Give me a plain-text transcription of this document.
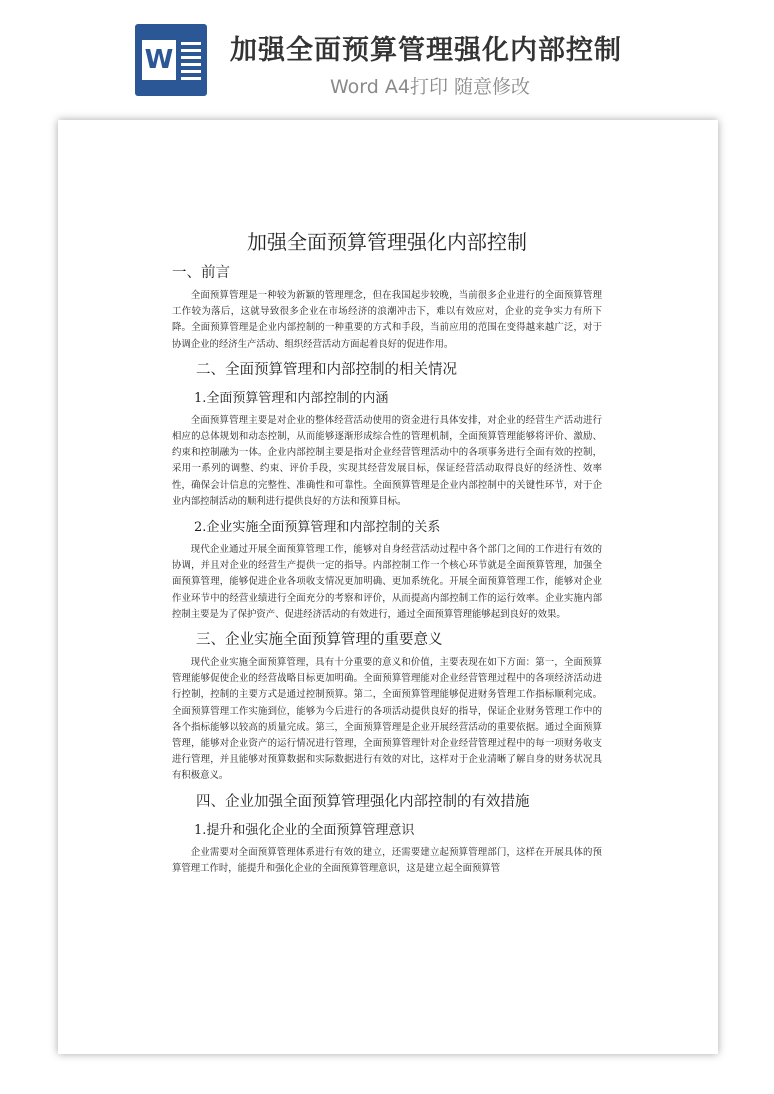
W 加强全面预算管理强化内部控制
Word A4打印 随意修改
加强全面预算管理强化内部控制
一、前言

全面预算管理是一种较为新颖的管理理念，但在我国起步较晚，当前很多企业进行的全面预算管理工作较为落后，这就导致很多企业在市场经济的浪潮冲击下，难以有效应对，企业的竞争实力有所下降。全面预算管理是企业内部控制的一种重要的方式和手段，当前应用的范围在变得越来越广泛，对于协调企业的经济生产活动、组织经营活动方面起着良好的促进作用。

二、全面预算管理和内部控制的相关情况
1.全面预算管理和内部控制的内涵

全面预算管理主要是对企业的整体经营活动使用的资金进行具体安排，对企业的经营生产活动进行相应的总体规划和动态控制，从而能够逐渐形成综合性的管理机制，全面预算管理能够将评价、激励、约束和控制融为一体。企业内部控制主要是指对企业经营管理活动中的各项事务进行全面有效的控制，采用一系列的调整、约束、评价手段，实现其经营发展目标，保证经营活动取得良好的经济性、效率性，确保会计信息的完整性、准确性和可靠性。全面预算管理是企业内部控制中的关键性环节，对于企业内部控制活动的顺利进行提供良好的方法和预算目标。

2.企业实施全面预算管理和内部控制的关系

现代企业通过开展全面预算管理工作，能够对自身经营活动过程中各个部门之间的工作进行有效的协调，并且对企业的经营生产提供一定的指导。内部控制工作一个核心环节就是全面预算管理，加强全面预算管理，能够促进企业各项收支情况更加明确、更加系统化。开展全面预算管理工作，能够对企业作业环节中的经营业绩进行全面充分的考察和评价，从而提高内部控制工作的运行效率。企业实施内部控制主要是为了保护资产、促进经济活动的有效进行，通过全面预算管理能够起到良好的效果。

三、企业实施全面预算管理的重要意义

现代企业实施全面预算管理，具有十分重要的意义和价值，主要表现在如下方面：第一，全面预算管理能够促使企业的经营战略目标更加明确。全面预算管理能对企业经营管理过程中的各项经济活动进行控制，控制的主要方式是通过控制预算。第二，全面预算管理能够促进财务管理工作指标顺利完成。全面预算管理工作实施到位，能够为今后进行的各项活动提供良好的指导，保证企业财务管理工作中的各个指标能够以较高的质量完成。第三，全面预算管理是企业开展经营活动的重要依据。通过全面预算管理，能够对企业资产的运行情况进行管理，全面预算管理针对企业经营管理过程中的每一项财务收支进行管理，并且能够对预算数据和实际数据进行有效的对比，这样对于企业清晰了解自身的财务状况具有积极意义。

四、企业加强全面预算管理强化内部控制的有效措施
1.提升和强化企业的全面预算管理意识

企业需要对全面预算管理体系进行有效的建立，还需要建立起预算管理部门，这样在开展具体的预算管理工作时，能提升和强化企业的全面预算管理意识，这是建立起全面预算管
